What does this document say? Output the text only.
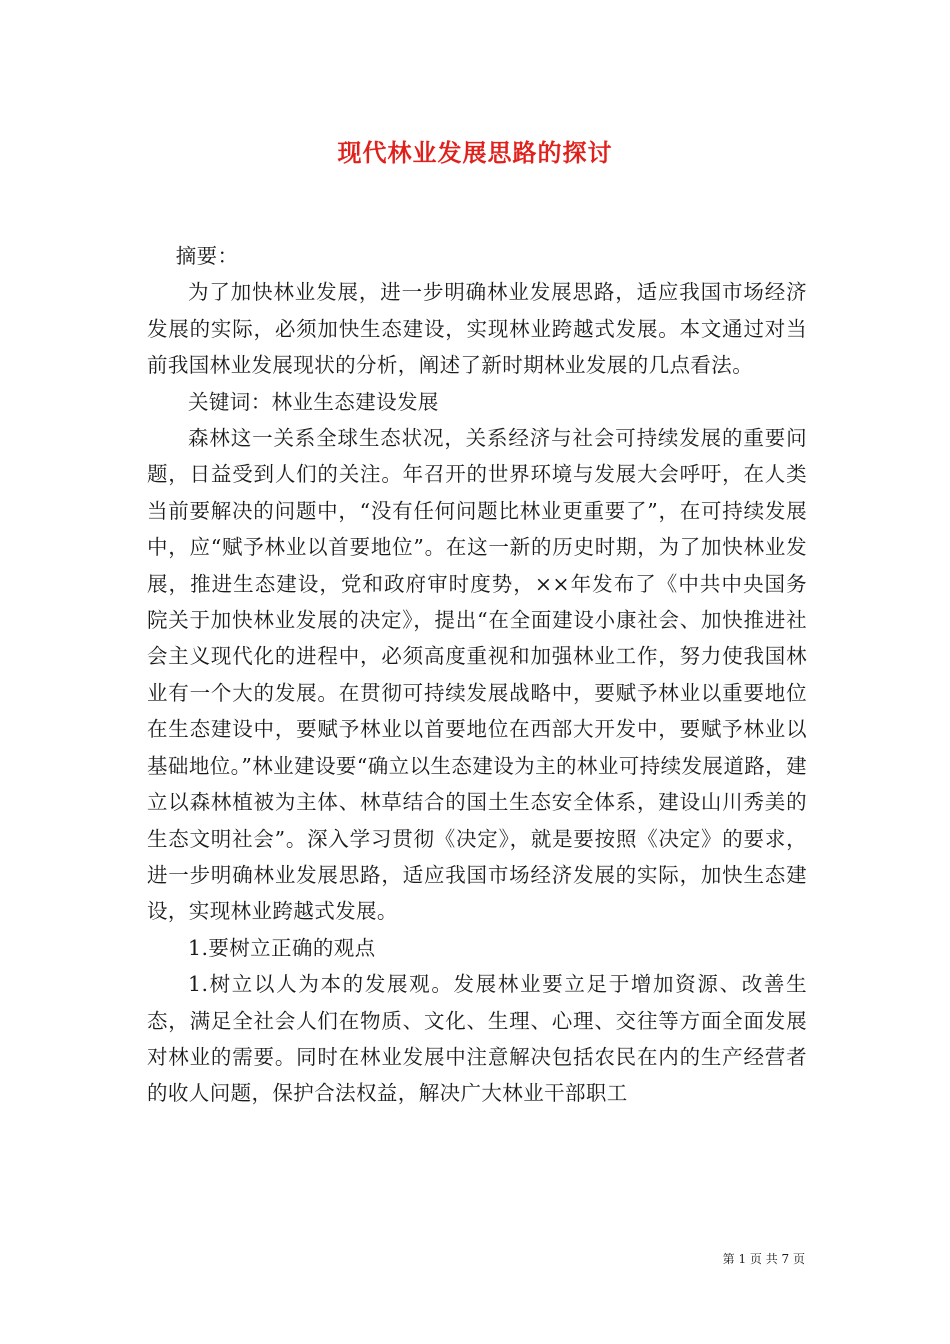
现代林业发展思路的探讨

摘要：

为了加快林业发展，进一步明确林业发展思路，适应我国市场经济发展的实际，必须加快生态建设，实现林业跨越式发展。本文通过对当前我国林业发展现状的分析，阐述了新时期林业发展的几点看法。

关键词：林业生态建设发展

森林这一关系全球生态状况，关系经济与社会可持续发展的重要问题，日益受到人们的关注。年召开的世界环境与发展大会呼吁，在人类当前要解决的问题中，“没有任何问题比林业更重要了”，在可持续发展中，应“赋予林业以首要地位”。在这一新的历史时期，为了加快林业发展，推进生态建设，党和政府审时度势，××年发布了《中共中央国务院关于加快林业发展的决定》，提出“在全面建设小康社会、加快推进社会主义现代化的进程中，必须高度重视和加强林业工作，努力使我国林业有一个大的发展。在贯彻可持续发展战略中，要赋予林业以重要地位在生态建设中，要赋予林业以首要地位在西部大开发中，要赋予林业以基础地位。”林业建设要“确立以生态建设为主的林业可持续发展道路，建立以森林植被为主体、林草结合的国土生态安全体系，建设山川秀美的生态文明社会”。深入学习贯彻《决定》，就是要按照《决定》的要求，进一步明确林业发展思路，适应我国市场经济发展的实际，加快生态建设，实现林业跨越式发展。

1.要树立正确的观点

1.树立以人为本的发展观。发展林业要立足于增加资源、改善生态，满足全社会人们在物质、文化、生理、心理、交往等方面全面发展对林业的需要。同时在林业发展中注意解决包括农民在内的生产经营者的收人问题，保护合法权益，解决广大林业干部职工

第 1 页 共 7 页
